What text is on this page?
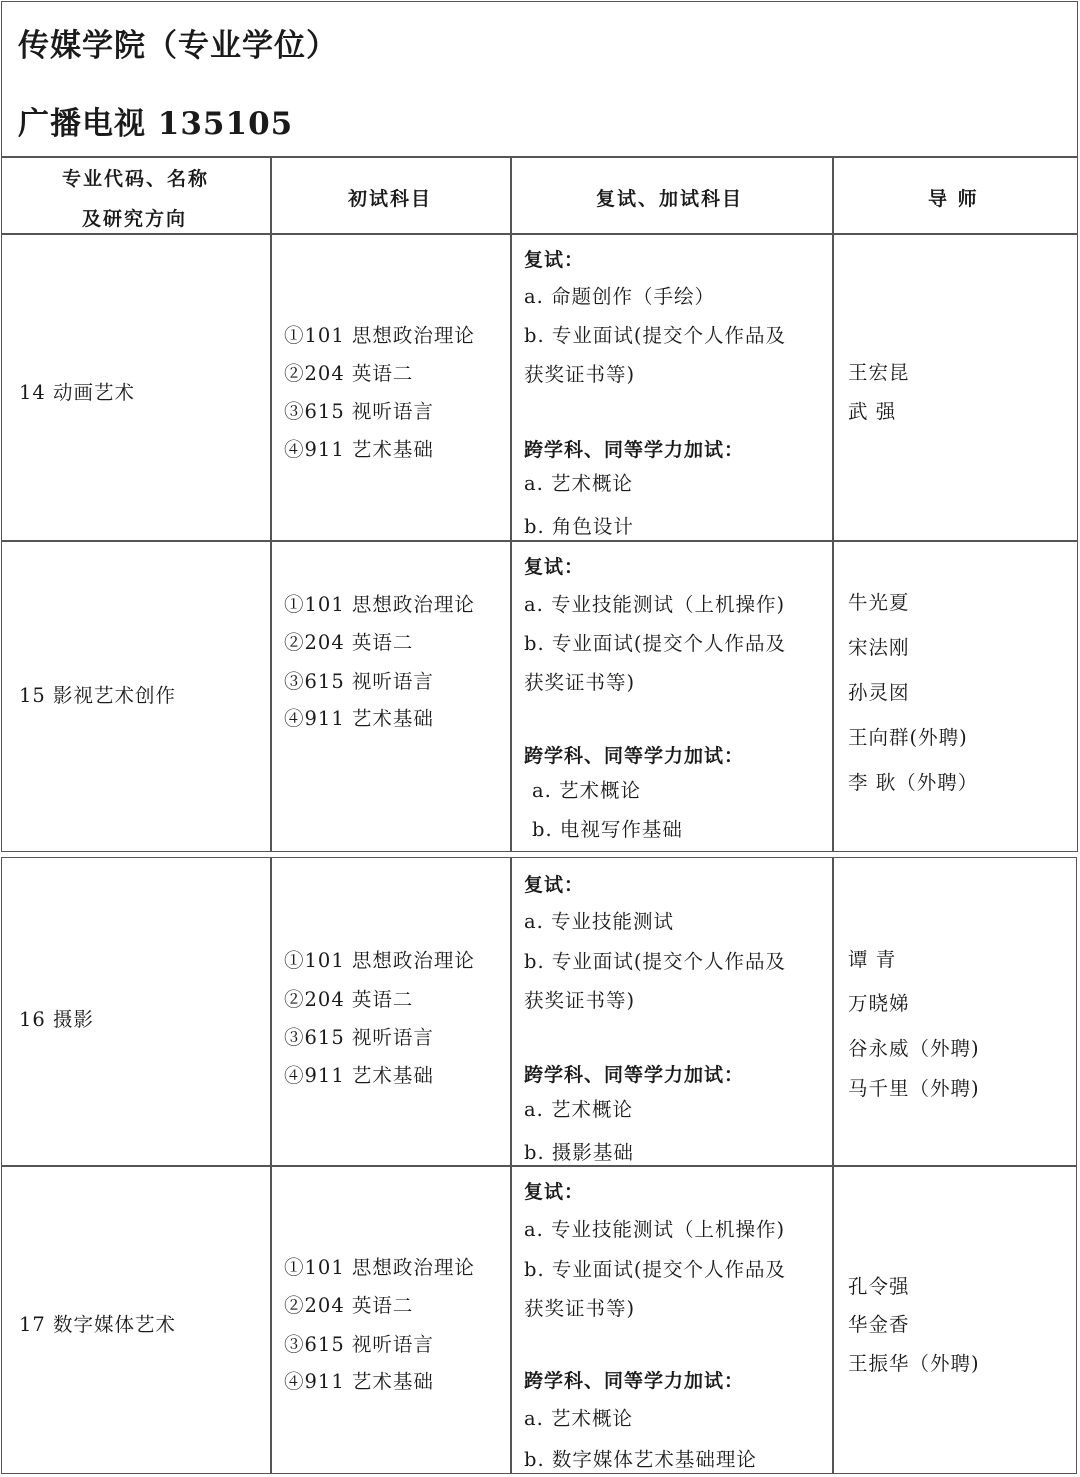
传媒学院（专业学位）
广播电视 135105
专业代码、名称
及研究方向
初试科目	复试、加试科目	导 师
14 动画艺术
①101 思想政治理论
②204 英语二
③615 视听语言
④911 艺术基础
复试：
a. 命题创作（手绘）
b. 专业面试(提交个人作品及
获奖证书等)
跨学科、同等学力加试：
a. 艺术概论
b. 角色设计
王宏昆
武 强
15 影视艺术创作
①101 思想政治理论
②204 英语二
③615 视听语言
④911 艺术基础
复试：
a. 专业技能测试（上机操作)
b. 专业面试(提交个人作品及
获奖证书等)
跨学科、同等学力加试：
a. 艺术概论
b. 电视写作基础
牛光夏
宋法刚
孙灵囡
王向群(外聘)
李 耿（外聘）
16 摄影
①101 思想政治理论
②204 英语二
③615 视听语言
④911 艺术基础
复试：
a. 专业技能测试
b. 专业面试(提交个人作品及
获奖证书等)
跨学科、同等学力加试：
a. 艺术概论
b. 摄影基础
谭 青
万晓娣
谷永威（外聘)
马千里（外聘)
17 数字媒体艺术
①101 思想政治理论
②204 英语二
③615 视听语言
④911 艺术基础
复试：
a. 专业技能测试（上机操作)
b. 专业面试(提交个人作品及
获奖证书等)
跨学科、同等学力加试：
a. 艺术概论
b. 数字媒体艺术基础理论
孔令强
华金香
王振华（外聘)
